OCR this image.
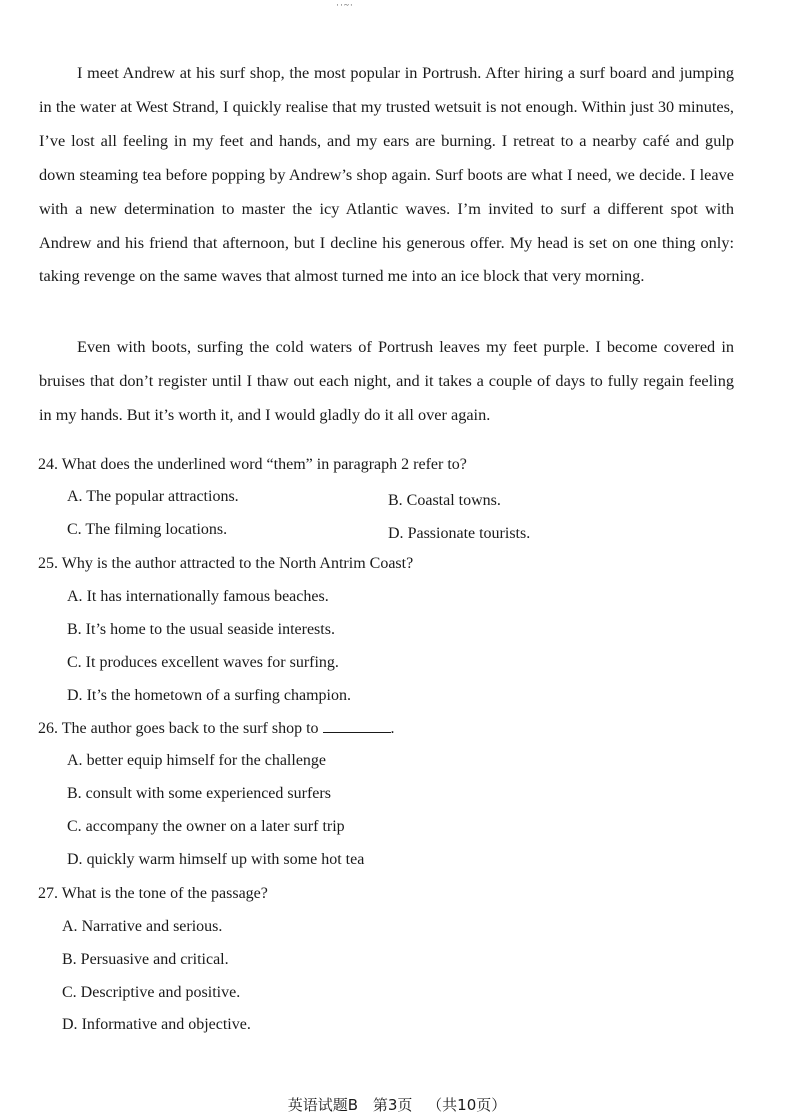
··~·

I meet Andrew at his surf shop, the most popular in Portrush. After hiring a surf board and jumping in the water at West Strand, I quickly realise that my trusted wetsuit is not enough. Within just 30 minutes, I’ve lost all feeling in my feet and hands, and my ears are burning. I retreat to a nearby café and gulp down steaming tea before popping by Andrew’s shop again. Surf boots are what I need, we decide. I leave with a new determination to master the icy Atlantic waves. I’m invited to surf a different spot with Andrew and his friend that afternoon, but I decline his generous offer. My head is set on one thing only: taking revenge on the same waves that almost turned me into an ice block that very morning.

Even with boots, surfing the cold waters of Portrush leaves my feet purple. I become covered in bruises that don’t register until I thaw out each night, and it takes a couple of days to fully regain feeling in my hands. But it’s worth it, and I would gladly do it all over again.

24. What does the underlined word “them” in paragraph 2 refer to?

A. The popular attractions.	B. Coastal towns.

C. The filming locations.	D. Passionate tourists.

25. Why is the author attracted to the North Antrim Coast?

A. It has internationally famous beaches.

B. It’s home to the usual seaside interests.

C. It produces excellent waves for surfing.

D. It’s the hometown of a surfing champion.

26. The author goes back to the surf shop to	.

A. better equip himself for the challenge

B. consult with some experienced surfers

C. accompany the owner on a later surf trip

D. quickly warm himself up with some hot tea

27. What is the tone of the passage?

A. Narrative and serious.

B. Persuasive and critical.

C. Descriptive and positive.

D. Informative and objective.

英语试题B 第3页 （共10页）
